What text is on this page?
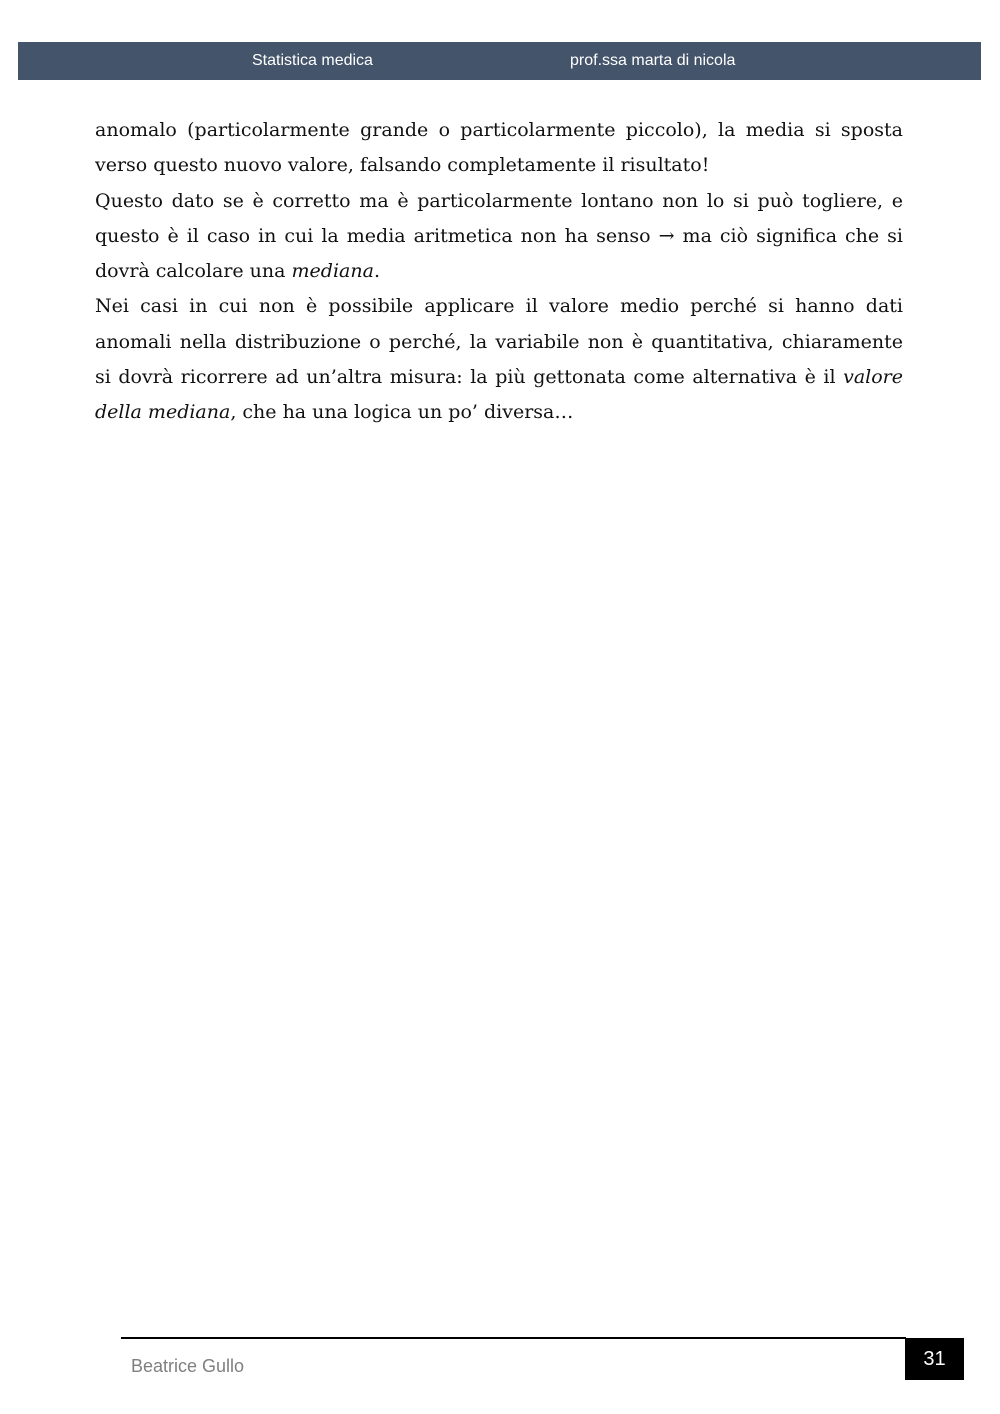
Statistica medica	prof.ssa marta di nicola

anomalo (particolarmente grande o particolarmente piccolo), la media si sposta verso questo nuovo valore, falsando completamente il risultato!

Questo dato se è corretto ma è particolarmente lontano non lo si può togliere, e questo è il caso in cui la media aritmetica non ha senso → ma ciò significa che si dovrà calcolare una mediana.

Nei casi in cui non è possibile applicare il valore medio perché si hanno dati anomali nella distribuzione o perché, la variabile non è quantitativa, chiaramente si dovrà ricorrere ad un’altra misura: la più gettonata come alternativa è il valore della mediana, che ha una logica un po’ diversa…

Beatrice Gullo	31
